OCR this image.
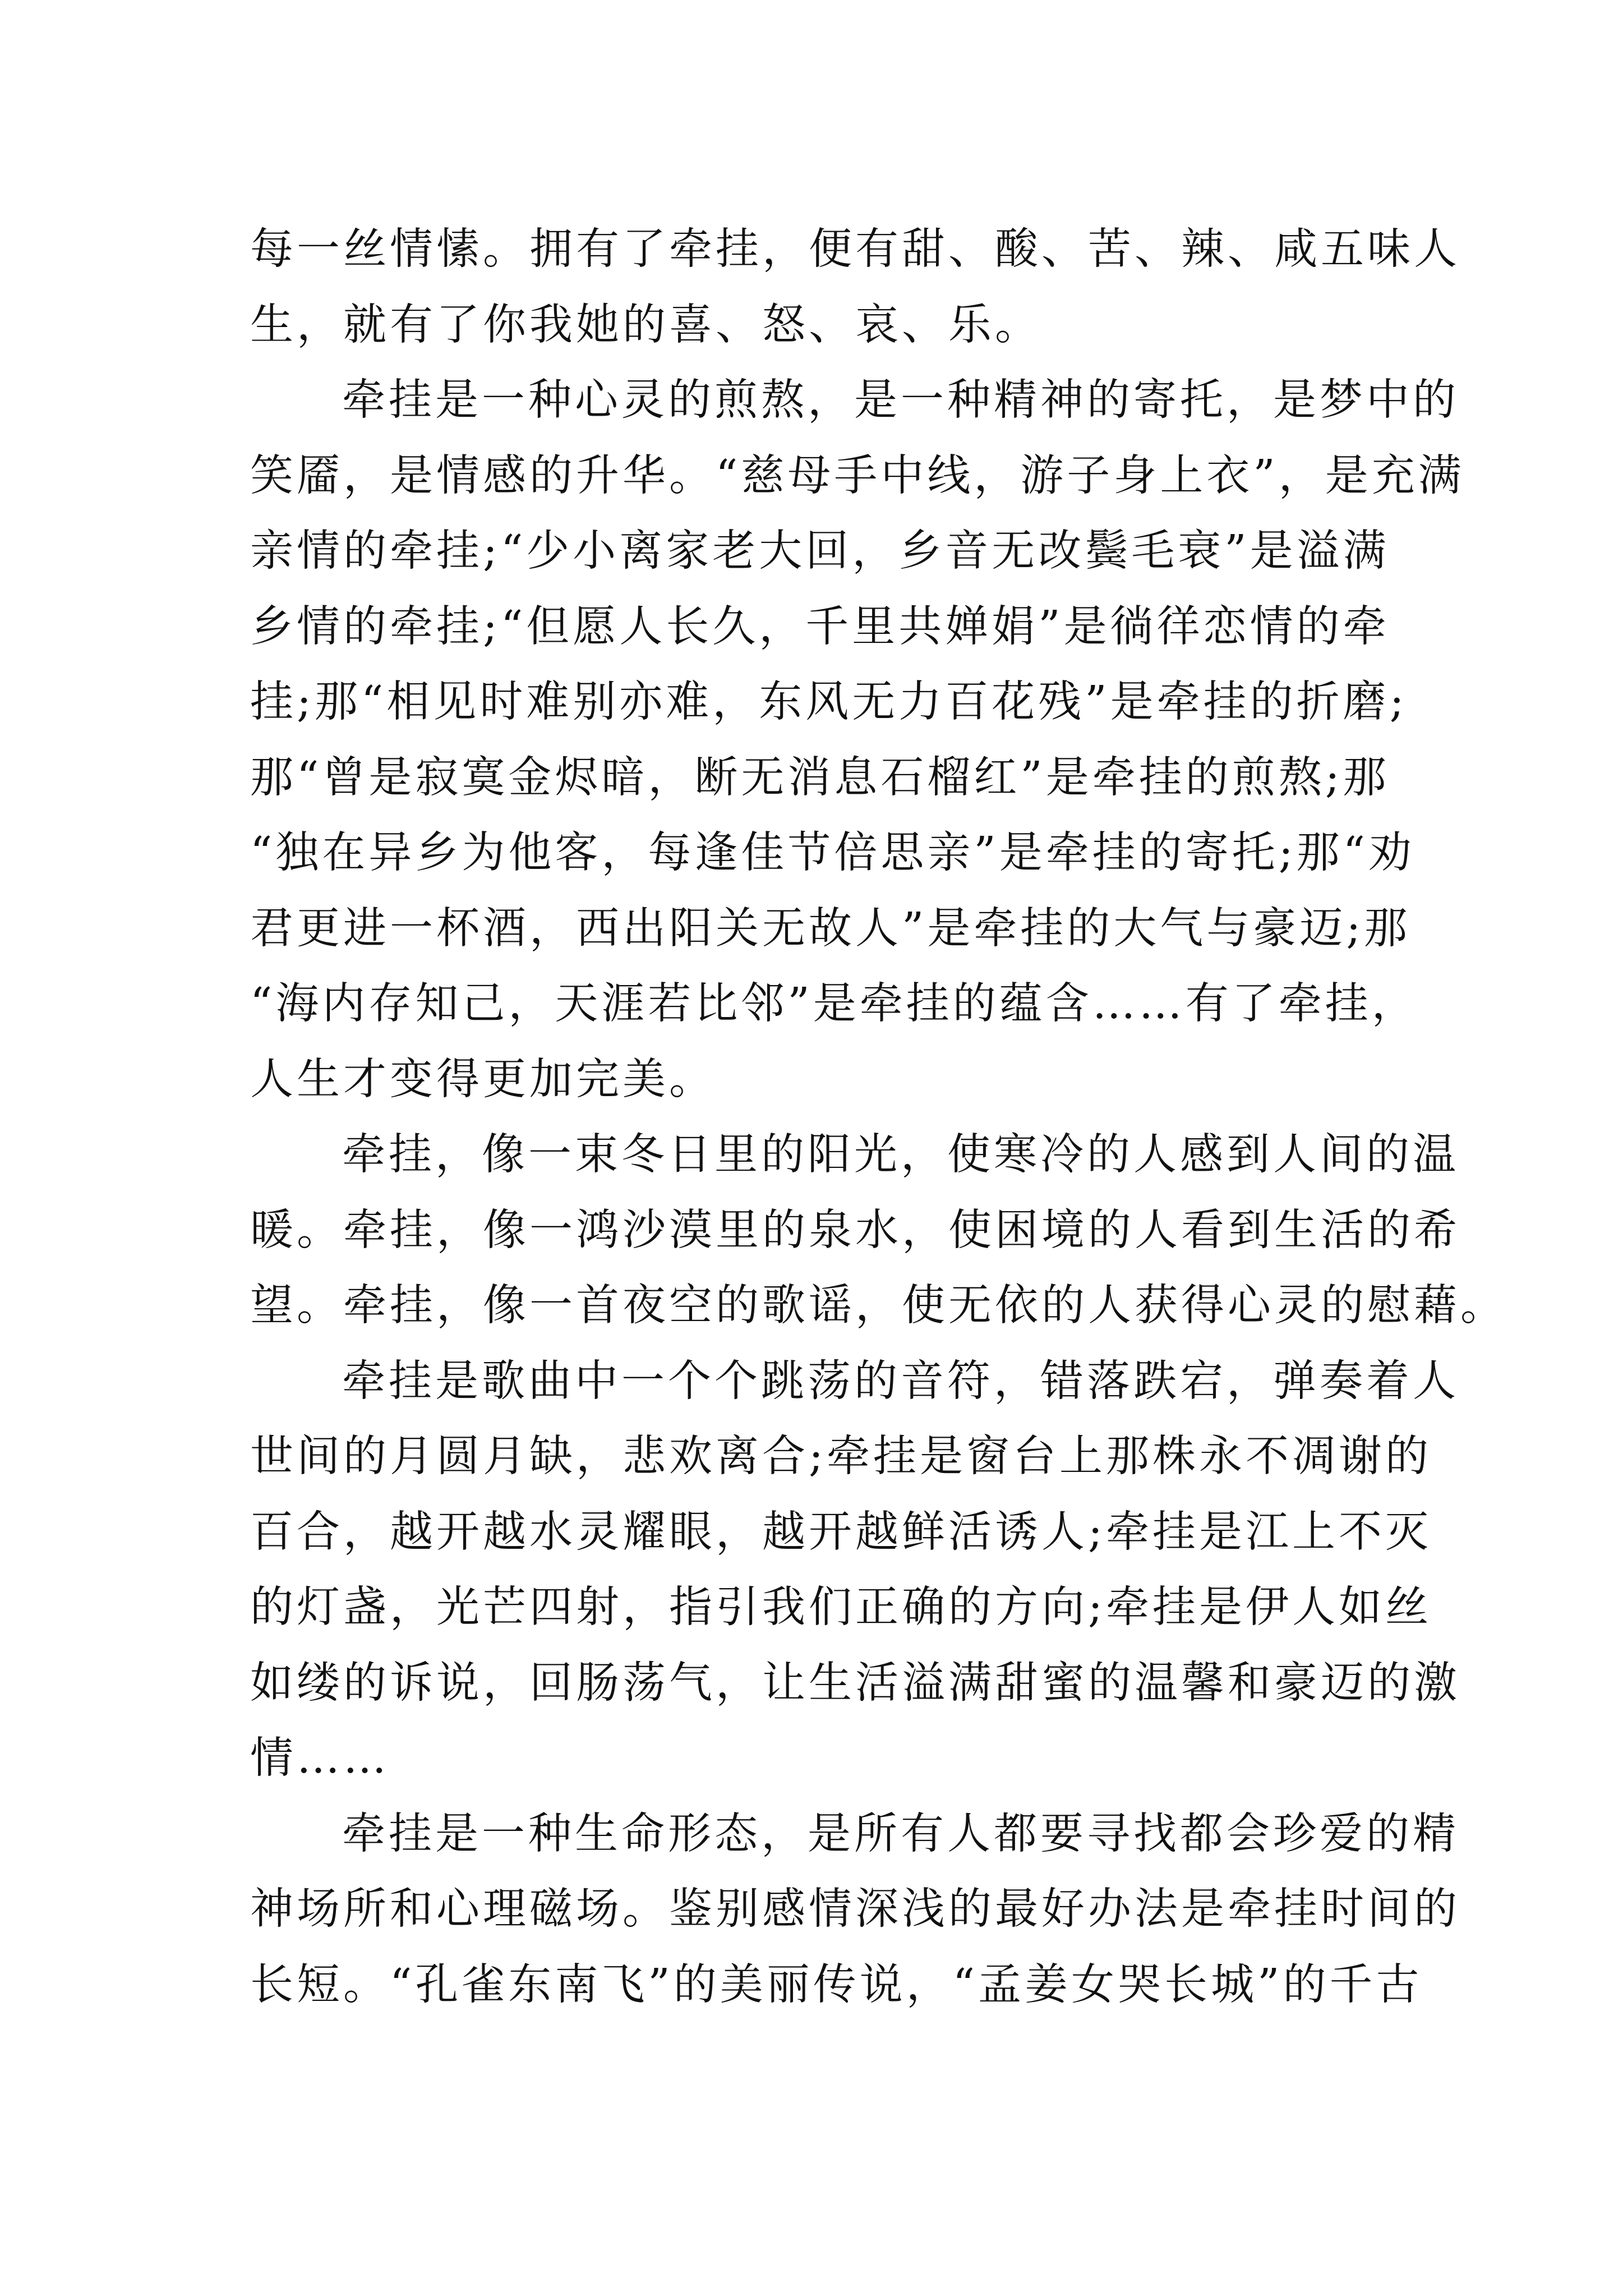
每一丝情愫。拥有了牵挂，便有甜、酸、苦、辣、咸五味人
生，就有了你我她的喜、怒、哀、乐。
牵挂是一种心灵的煎熬，是一种精神的寄托，是梦中的
笑靥，是情感的升华。“慈母手中线，游子身上衣”，是充满
亲情的牵挂;“少小离家老大回，乡音无改鬓毛衰”是溢满
乡情的牵挂;“但愿人长久，千里共婵娟”是徜徉恋情的牵
挂;那“相见时难别亦难，东风无力百花残”是牵挂的折磨;
那“曾是寂寞金烬暗，断无消息石榴红”是牵挂的煎熬;那
“独在异乡为他客，每逢佳节倍思亲”是牵挂的寄托;那“劝
君更进一杯酒，西出阳关无故人”是牵挂的大气与豪迈;那
“海内存知己，天涯若比邻”是牵挂的蕴含……有了牵挂，
人生才变得更加完美。
牵挂，像一束冬日里的阳光，使寒冷的人感到人间的温
暖。牵挂，像一鸿沙漠里的泉水，使困境的人看到生活的希
望。牵挂，像一首夜空的歌谣，使无依的人获得心灵的慰藉。
牵挂是歌曲中一个个跳荡的音符，错落跌宕，弹奏着人
世间的月圆月缺，悲欢离合;牵挂是窗台上那株永不凋谢的
百合，越开越水灵耀眼，越开越鲜活诱人;牵挂是江上不灭
的灯盏，光芒四射，指引我们正确的方向;牵挂是伊人如丝
如缕的诉说，回肠荡气，让生活溢满甜蜜的温馨和豪迈的激
情……
牵挂是一种生命形态，是所有人都要寻找都会珍爱的精
神场所和心理磁场。鉴别感情深浅的最好办法是牵挂时间的
长短。“孔雀东南飞”的美丽传说，“孟姜女哭长城”的千古
